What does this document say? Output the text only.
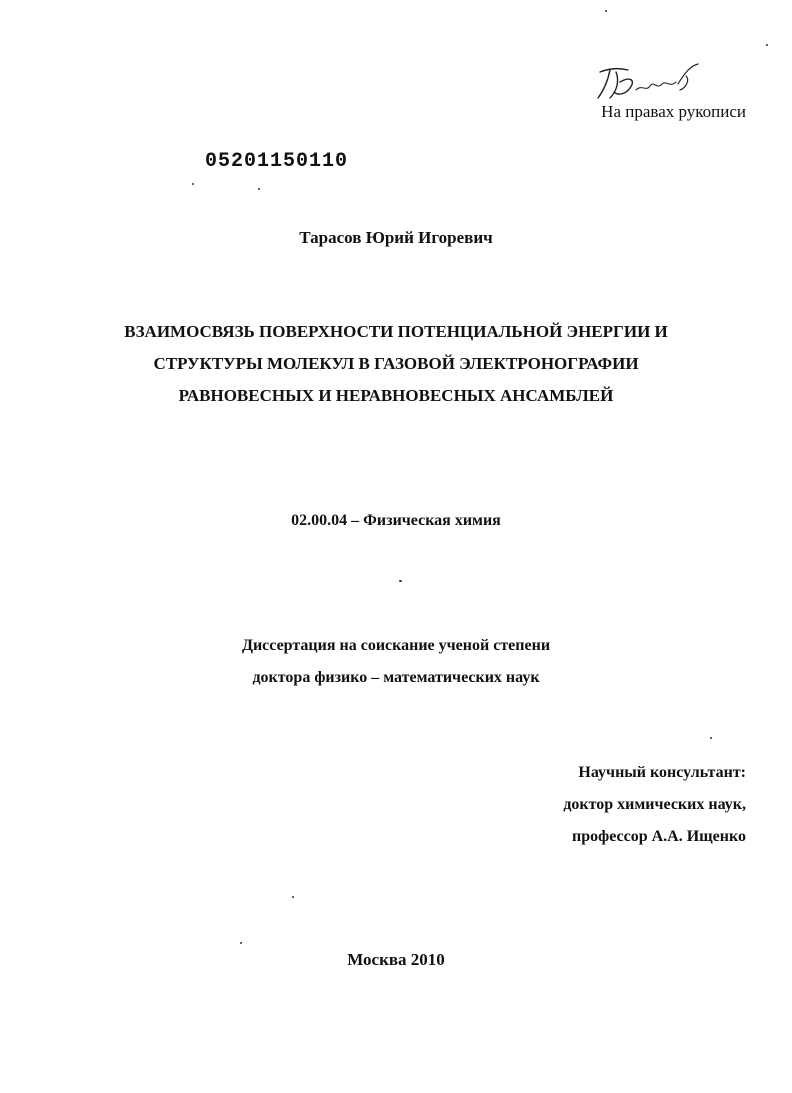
На правах рукописи
05201150110
Тарасов Юрий Игоревич
ВЗАИМОСВЯЗЬ ПОВЕРХНОСТИ ПОТЕНЦИАЛЬНОЙ ЭНЕРГИИ И
СТРУКТУРЫ МОЛЕКУЛ В ГАЗОВОЙ ЭЛЕКТРОНОГРАФИИ
РАВНОВЕСНЫХ И НЕРАВНОВЕСНЫХ АНСАМБЛЕЙ
02.00.04 – Физическая химия
Диссертация на соискание ученой степени
доктора физико – математических наук
Научный консультант:
доктор химических наук,
профессор А.А. Ищенко
Москва 2010
